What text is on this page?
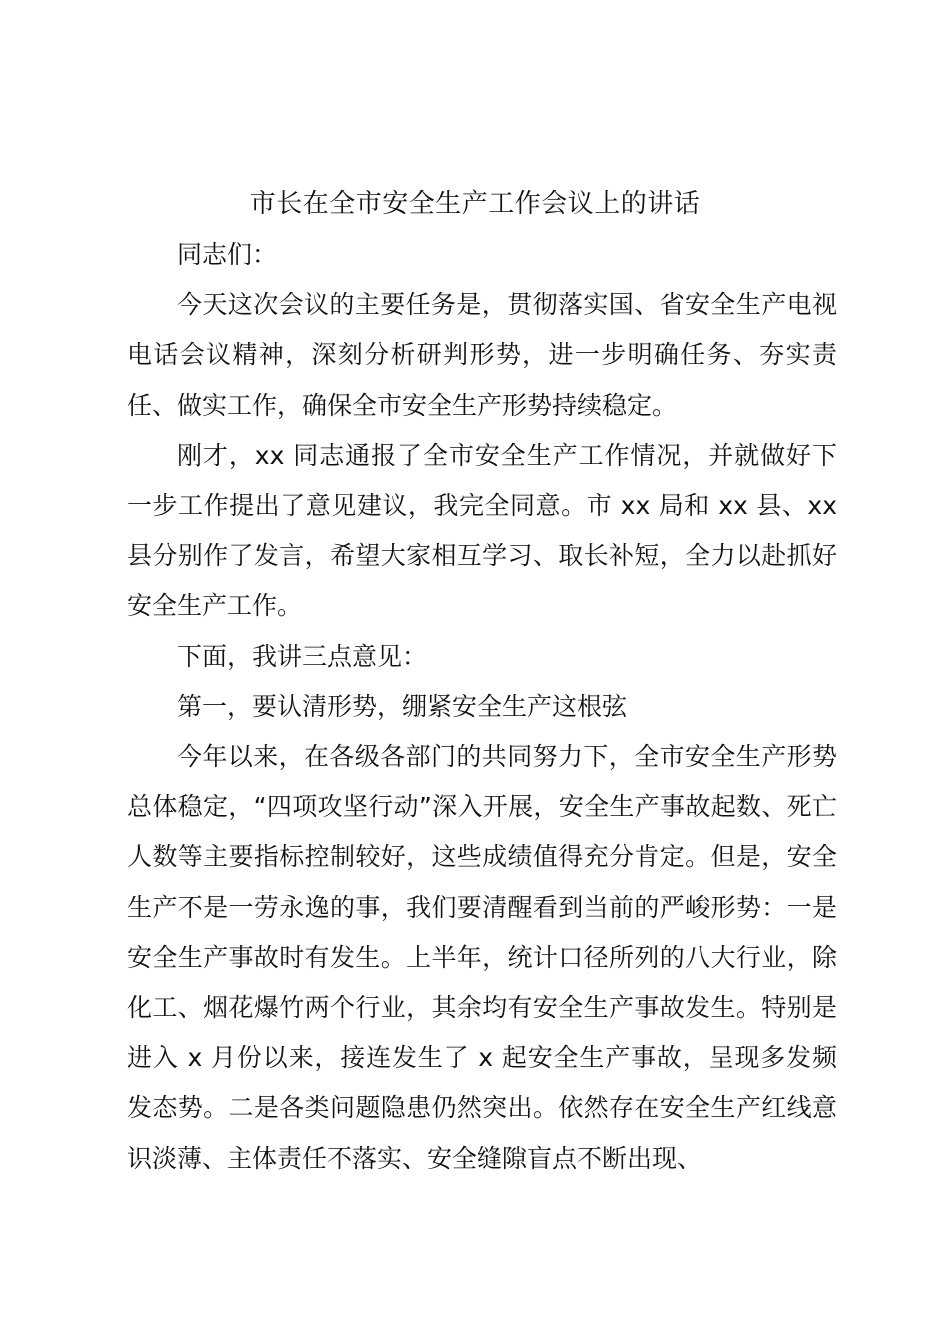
市长在全市安全生产工作会议上的讲话

同志们：

今天这次会议的主要任务是，贯彻落实国、省安全生产电视电话会议精神，深刻分析研判形势，进一步明确任务、夯实责任、做实工作，确保全市安全生产形势持续稳定。

刚才，xx 同志通报了全市安全生产工作情况，并就做好下一步工作提出了意见建议，我完全同意。市 xx 局和 xx 县、xx 县分别作了发言，希望大家相互学习、取长补短，全力以赴抓好安全生产工作。

下面，我讲三点意见：

第一，要认清形势，绷紧安全生产这根弦

今年以来，在各级各部门的共同努力下，全市安全生产形势总体稳定，“四项攻坚行动”深入开展，安全生产事故起数、死亡人数等主要指标控制较好，这些成绩值得充分肯定。但是，安全生产不是一劳永逸的事，我们要清醒看到当前的严峻形势：一是安全生产事故时有发生。上半年，统计口径所列的八大行业，除化工、烟花爆竹两个行业，其余均有安全生产事故发生。特别是进入 x 月份以来，接连发生了 x 起安全生产事故，呈现多发频发态势。二是各类问题隐患仍然突出。依然存在安全生产红线意识淡薄、主体责任不落实、安全缝隙盲点不断出现、
